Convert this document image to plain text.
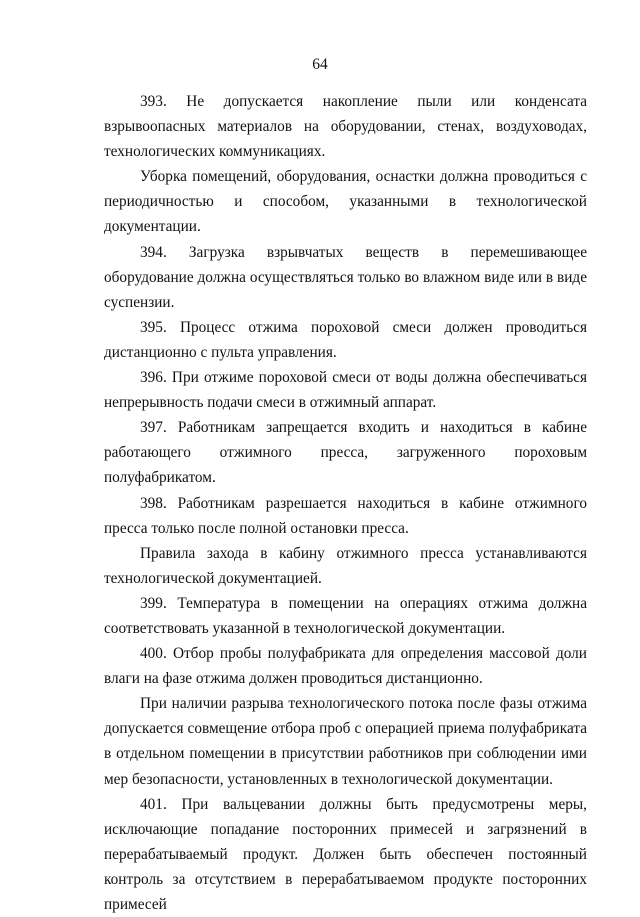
64

393. Не допускается накопление пыли или конденсата взрывоопасных материалов на оборудовании, стенах, воздуховодах, технологических коммуникациях.

Уборка помещений, оборудования, оснастки должна проводиться с периодичностью и способом, указанными в технологической документации.

394. Загрузка взрывчатых веществ в перемешивающее оборудование должна осуществляться только во влажном виде или в виде суспензии.

395. Процесс отжима пороховой смеси должен проводиться дистанционно с пульта управления.

396. При отжиме пороховой смеси от воды должна обеспечиваться непрерывность подачи смеси в отжимный аппарат.

397. Работникам запрещается входить и находиться в кабине работающего отжимного пресса, загруженного пороховым полуфабрикатом.

398. Работникам разрешается находиться в кабине отжимного пресса только после полной остановки пресса.

Правила захода в кабину отжимного пресса устанавливаются технологической документацией.

399. Температура в помещении на операциях отжима должна соответствовать указанной в технологической документации.

400. Отбор пробы полуфабриката для определения массовой доли влаги на фазе отжима должен проводиться дистанционно.

При наличии разрыва технологического потока после фазы отжима допускается совмещение отбора проб с операцией приема полуфабриката в отдельном помещении в присутствии работников при соблюдении ими мер безопасности, установленных в технологической документации.

401. При вальцевании должны быть предусмотрены меры, исключающие попадание посторонних примесей и загрязнений в перерабатываемый продукт. Должен быть обеспечен постоянный контроль за отсутствием в перерабатываемом продукте посторонних примесей
